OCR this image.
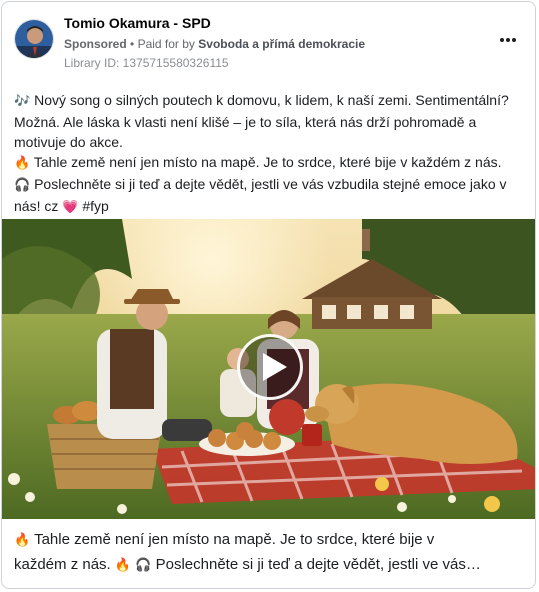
Tomio Okamura - SPD
Sponsored • Paid for by Svoboda a přímá demokracie
Library ID: 1375715580326115

🎶 Nový song o silných poutech k domovu, k lidem, k naší zemi. Sentimentální? Možná. Ale láska k vlasti není klišé – je to síla, která nás drží pohromadě a motivuje do akce.

🔥 Tahle země není jen místo na mapě. Je to srdce, které bije v každém z nás.

🎧 Poslechněte si ji teď a dejte vědět, jestli ve vás vzbudila stejné emoce jako v nás! cz 💗 #fyp

🔥 Tahle země není jen místo na mapě. Je to srdce, které bije v
každém z nás. 🔥 🎧 Poslechněte si ji teď a dejte vědět, jestli ve vás…
